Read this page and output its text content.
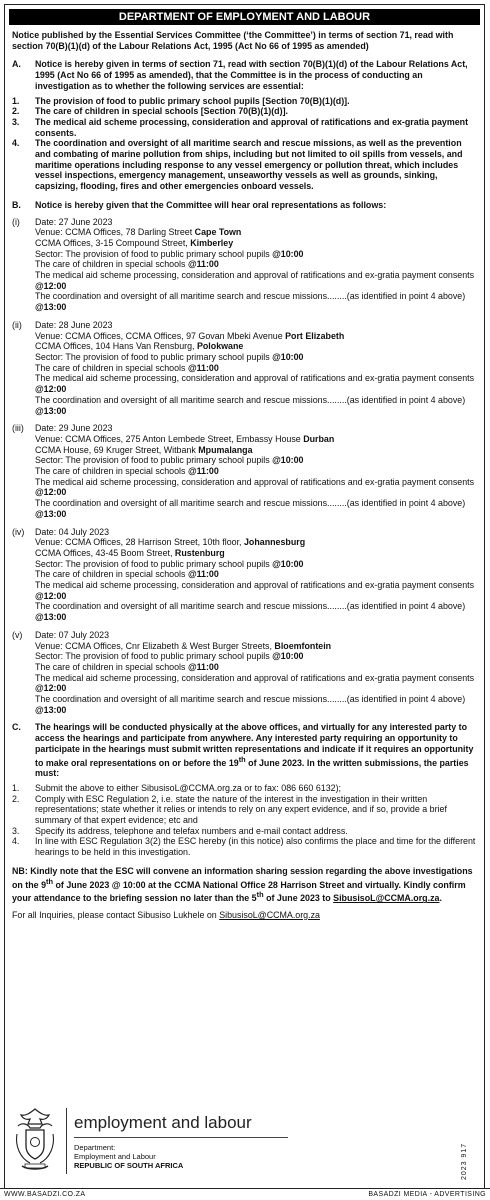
DEPARTMENT OF EMPLOYMENT AND LABOUR
Notice published by the Essential Services Committee (‘the Committee’) in terms of section 71, read with section 70(B)(1)(d) of the Labour Relations Act, 1995 (Act No 66 of 1995 as amended)
A.	Notice is hereby given in terms of section 71, read with section 70(B)(1)(d) of the Labour Relations Act, 1995 (Act No 66 of 1995 as amended), that the Committee is in the process of conducting an investigation as to whether the following services are essential:
1.	The provision of food to public primary school pupils [Section 70(B)(1)(d)].
2.	The care of children in special schools [Section 70(B)(1)(d)].
3.	The medical aid scheme processing, consideration and approval of ratifications and ex-gratia payment consents.
4.	The coordination and oversight of all maritime search and rescue missions, as well as the prevention and combating of marine pollution from ships, including but not limited to oil spills from vessels, and maritime operations including response to any vessel emergency or pollution threat, which includes vessel inspections, emergency management, unseaworthy vessels as well as grounds, sinking, capsizing, flooding, fires and other emergencies onboard vessels.
B.	Notice is hereby given that the Committee will hear oral representations as follows:
(i)	Date: 27 June 2023
Venue: CCMA Offices, 78 Darling Street Cape Town
CCMA Offices, 3-15 Compound Street, Kimberley
Sector: The provision of food to public primary school pupils @10:00
The care of children in special schools @11:00
The medical aid scheme processing, consideration and approval of ratifications and ex-gratia payment consents @12:00
The coordination and oversight of all maritime search and rescue missions........(as identified in point 4 above) @13:00
(ii)	Date: 28 June 2023
Venue: CCMA Offices, CCMA Offices, 97 Govan Mbeki Avenue Port Elizabeth
CCMA Offices, 104 Hans Van Rensburg, Polokwane
Sector: The provision of food to public primary school pupils @10:00
The care of children in special schools @11:00
The medical aid scheme processing, consideration and approval of ratifications and ex-gratia payment consents @12:00
The coordination and oversight of all maritime search and rescue missions........(as identified in point 4 above) @13:00
(iii)	Date: 29 June 2023
Venue: CCMA Offices, 275 Anton Lembede Street, Embassy House Durban
CCMA House, 69 Kruger Street, Witbank Mpumalanga
Sector: The provision of food to public primary school pupils @10:00
The care of children in special schools @11:00
The medical aid scheme processing, consideration and approval of ratifications and ex-gratia payment consents @12:00
The coordination and oversight of all maritime search and rescue missions........(as identified in point 4 above) @13:00
(iv)	Date: 04 July 2023
Venue: CCMA Offices, 28 Harrison Street, 10th floor, Johannesburg
CCMA Offices, 43-45 Boom Street, Rustenburg
Sector: The provision of food to public primary school pupils @10:00
The care of children in special schools @11:00
The medical aid scheme processing, consideration and approval of ratifications and ex-gratia payment consents @12:00
The coordination and oversight of all maritime search and rescue missions........(as identified in point 4 above) @13:00
(v)	Date: 07 July 2023
Venue: CCMA Offices, Cnr Elizabeth & West Burger Streets, Bloemfontein
Sector: The provision of food to public primary school pupils @10:00
The care of children in special schools @11:00
The medical aid scheme processing, consideration and approval of ratifications and ex-gratia payment consents @12:00
The coordination and oversight of all maritime search and rescue missions........(as identified in point 4 above) @13:00
C.	The hearings will be conducted physically at the above offices, and virtually for any interested party to access the hearings and participate from anywhere. Any interested party requiring an opportunity to participate in the hearings must submit written representations and indicate if it requires an opportunity to make oral representations on or before the 19th of June 2023. In the written submissions, the parties must:
1.	Submit the above to either SibusisoL@CCMA.org.za or to fax: 086 660 6132);
2.	Comply with ESC Regulation 2, i.e. state the nature of the interest in the investigation in their written representations; state whether it relies or intends to rely on any expert evidence, and if so, provide a brief summary of that expert evidence; etc and
3.	Specify its address, telephone and telefax numbers and e-mail contact address.
4.	In line with ESC Regulation 3(2) the ESC hereby (in this notice) also confirms the place and time for the different hearings to be held in this investigation.
NB: Kindly note that the ESC will convene an information sharing session regarding the above investigations on the 9th of June 2023 @ 10:00 at the CCMA National Office 28 Harrison Street and virtually. Kindly confirm your attendance to the briefing session no later than the 5th of June 2023 to SibusisoL@CCMA.org.za.
For all Inquiries, please contact Sibusiso Lukhele on SibusisoL@CCMA.org.za
employment and labour
Department:
Employment and Labour
REPUBLIC OF SOUTH AFRICA	2023 917
WWW.BASADZI.CO.ZA	BASADZI MEDIA - ADVERTISING
